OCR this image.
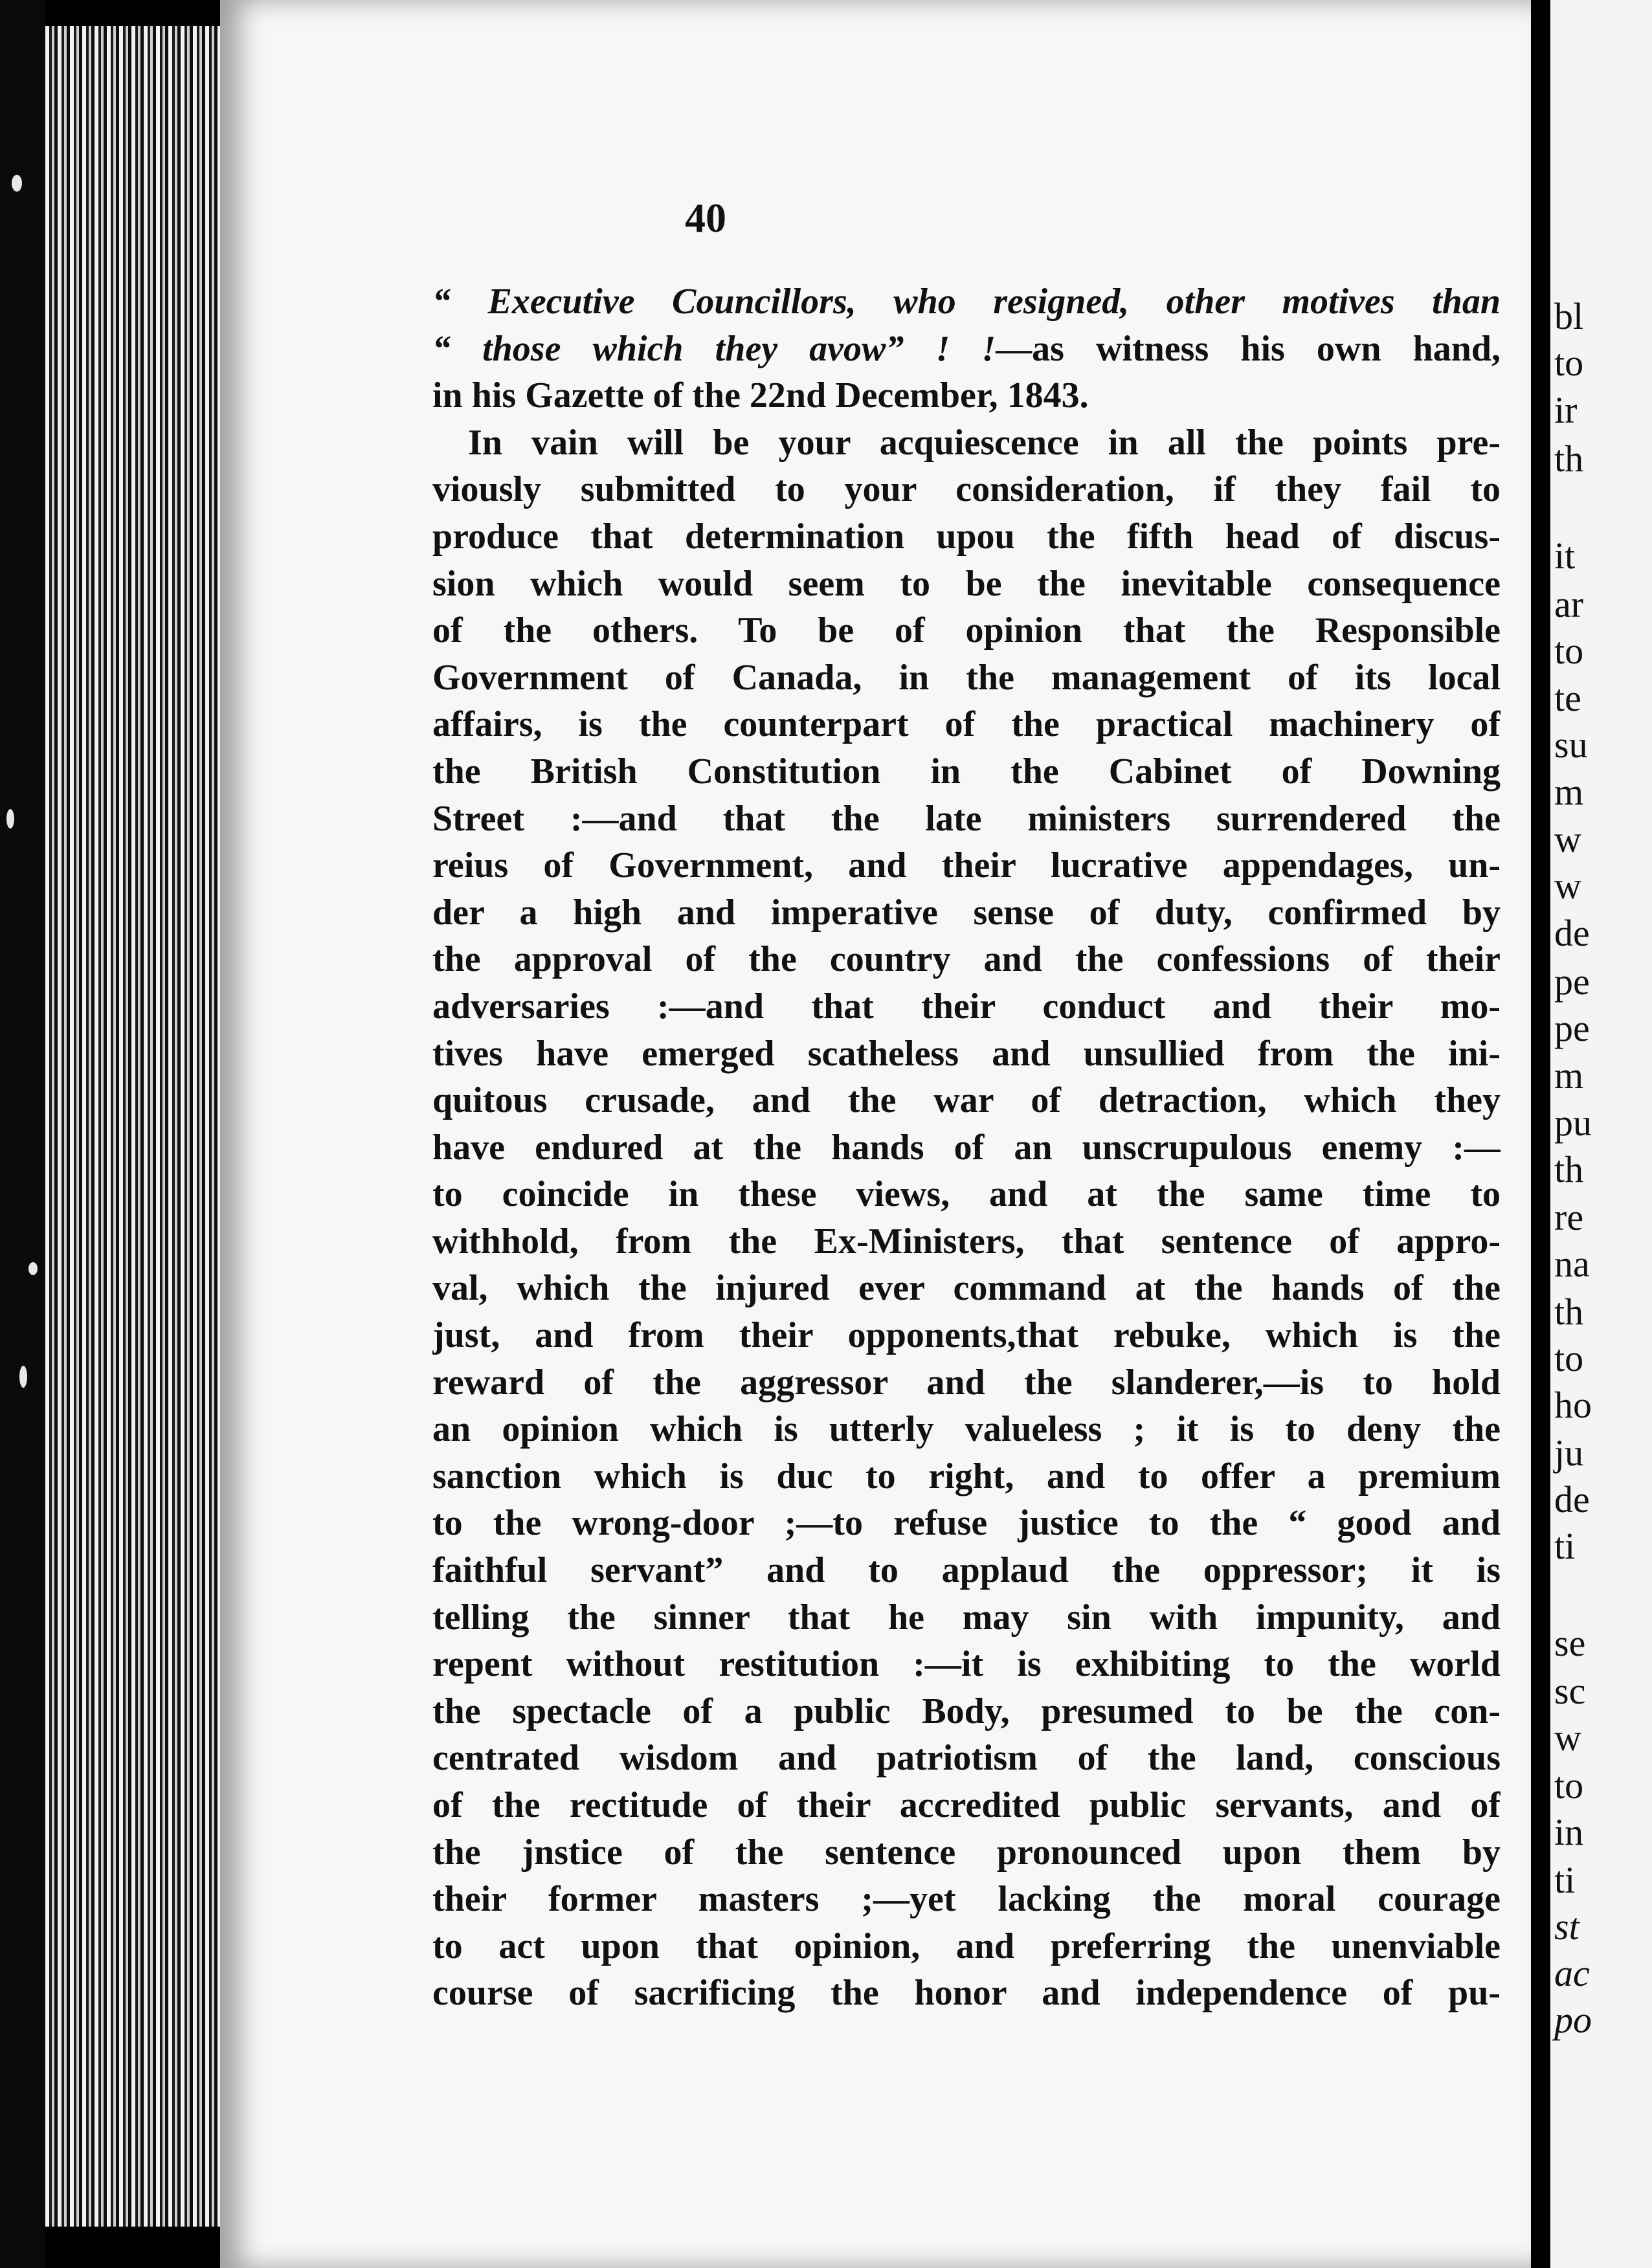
40
“ Executive Councillors, who resigned, other motives than
“ those which they avow” ! !—as witness his own hand,
in his Gazette of the 22nd December, 1843.
In vain will be your acquiescence in all the points pre-
viously submitted to your consideration, if they fail to
produce that determination upou the fifth head of discus-
sion which would seem to be the inevitable consequence
of the others. To be of opinion that the Responsible
Government of Canada, in the management of its local
affairs, is the counterpart of the practical machinery of
the British Constitution in the Cabinet of Downing
Street :—and that the late ministers surrendered the
reius of Government, and their lucrative appendages, un-
der a high and imperative sense of duty, confirmed by
the approval of the country and the confessions of their
adversaries :—and that their conduct and their mo-
tives have emerged scatheless and unsullied from the ini-
quitous crusade, and the war of detraction, which they
have endured at the hands of an unscrupulous enemy :—
to coincide in these views, and at the same time to
withhold, from the Ex-Ministers, that sentence of appro-
val, which the injured ever command at the hands of the
just, and from their opponents,that rebuke, which is the
reward of the aggressor and the slanderer,—is to hold
an opinion which is utterly valueless ; it is to deny the
sanction which is duc to right, and to offer a premium
to the wrong-door ;—to refuse justice to the “ good and
faithful servant” and to applaud the oppressor; it is
telling the sinner that he may sin with impunity, and
repent without restitution :—it is exhibiting to the world
the spectacle of a public Body, presumed to be the con-
centrated wisdom and patriotism of the land, conscious
of the rectitude of their accredited public servants, and of
the jnstice of the sentence pronounced upon them by
their former masters ;—yet lacking the moral courage
to act upon that opinion, and preferring the unenviable
course of sacrificing the honor and independence of pu-
bl
to
ir
th
it
ar
to
te
su
m
w
w
de
pe
pe
m
pu
th
re
na
th
to
ho
ju
de
ti
se
sc
w
to
in
ti
st
ac
po
